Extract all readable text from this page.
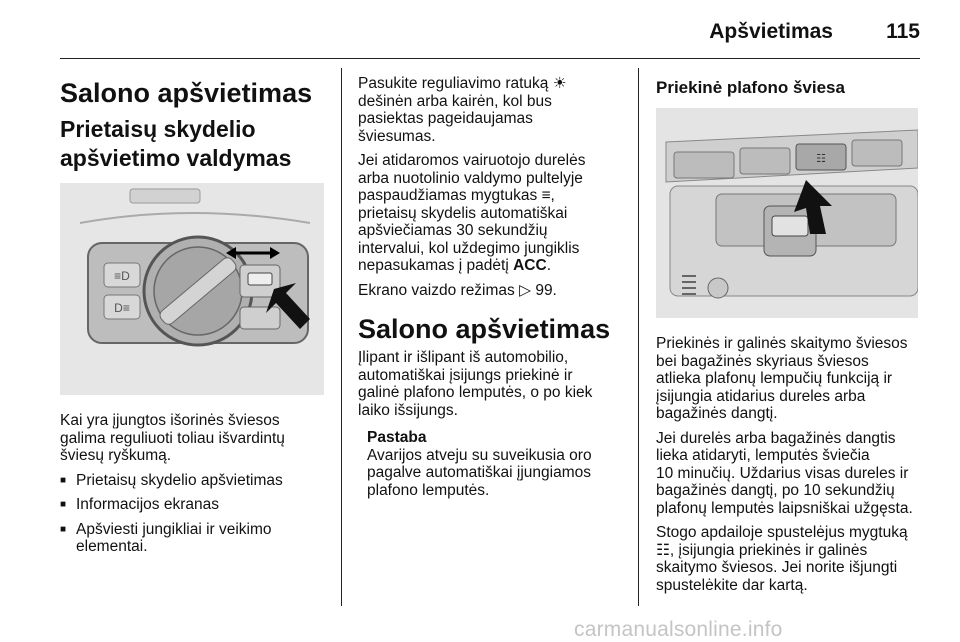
Apšvietimas	115
Salono apšvietimas
Prietaisų skydelio
apšvietimo valdymas
≡D
D≡

Kai yra įjungtos išorinės šviesos
galima reguliuoti toliau išvardintų
šviesų ryškumą.

■ Prietaisų skydelio apšvietimas
■ Informacijos ekranas
■ Apšviesti jungikliai ir veikimo
elementai.

Pasukite reguliavimo ratuką ☀
dešinėn arba kairėn, kol bus
pasiektas pageidaujamas
šviesumas.

Jei atidaromos vairuotojo durelės
arba nuotolinio valdymo pultelyje
paspaudžiamas mygtukas ≡,
prietaisų skydelis automatiškai
apšviečiamas 30 sekundžių
intervalui, kol uždegimo jungiklis
nepasukamas į padėtį ACC.

Ekrano vaizdo režimas ▷ 99.

Salono apšvietimas

Įlipant ir išlipant iš automobilio,
automatiškai įsijungs priekinė ir
galinė plafono lemputės, o po kiek
laiko išsijungs.

Pastaba

Avarijos atveju su suveikusia oro
pagalve automatiškai įjungiamos
plafono lemputės.

Priekinė plafono šviesa
☷

Priekinės ir galinės skaitymo šviesos
bei bagažinės skyriaus šviesos
atlieka plafonų lempučių funkciją ir
įsijungia atidarius dureles arba
bagažinės dangtį.

Jei durelės arba bagažinės dangtis
lieka atidaryti, lemputės šviečia
10 minučių. Uždarius visas dureles ir
bagažinės dangtį, po 10 sekundžių
plafonų lemputės laipsniškai užgęsta.

Stogo apdailoje spustelėjus mygtuką
☷, įsijungia priekinės ir galinės
skaitymo šviesos. Jei norite išjungti
spustelėkite dar kartą.

carmanualsonline.info
